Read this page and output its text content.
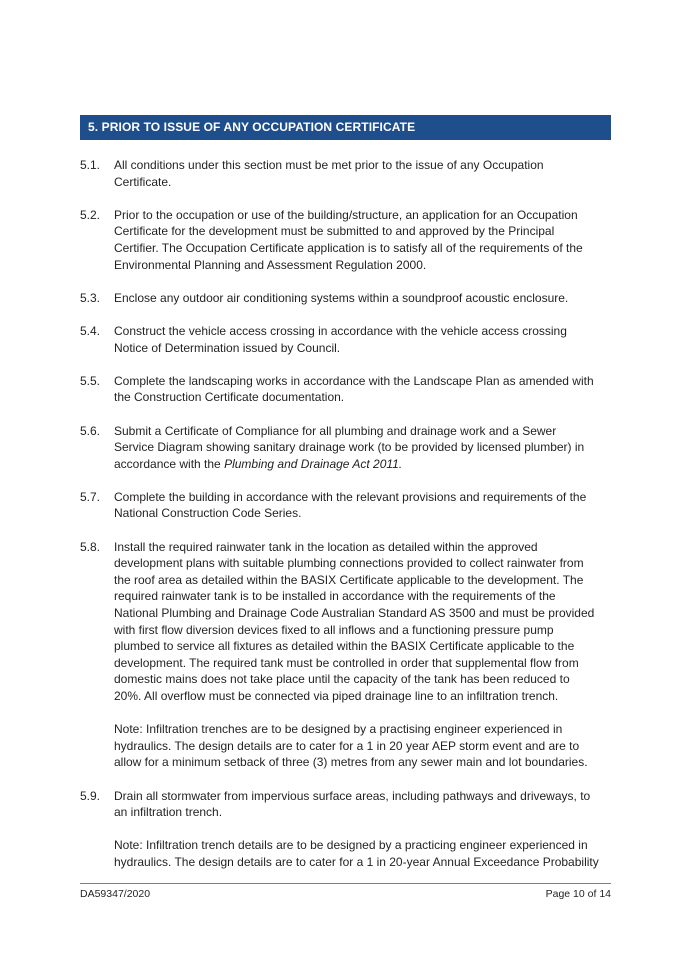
5. PRIOR TO ISSUE OF ANY OCCUPATION CERTIFICATE
5.1.	All conditions under this section must be met prior to the issue of any Occupation
Certificate.
5.2.	Prior to the occupation or use of the building/structure, an application for an Occupation
Certificate for the development must be submitted to and approved by the Principal
Certifier. The Occupation Certificate application is to satisfy all of the requirements of the
Environmental Planning and Assessment Regulation 2000.
5.3.	Enclose any outdoor air conditioning systems within a soundproof acoustic enclosure.
5.4.	Construct the vehicle access crossing in accordance with the vehicle access crossing
Notice of Determination issued by Council.
5.5.	Complete the landscaping works in accordance with the Landscape Plan as amended with
the Construction Certificate documentation.
5.6.	Submit a Certificate of Compliance for all plumbing and drainage work and a Sewer
Service Diagram showing sanitary drainage work (to be provided by licensed plumber) in
accordance with the Plumbing and Drainage Act 2011.
5.7.	Complete the building in accordance with the relevant provisions and requirements of the
National Construction Code Series.
5.8.	Install the required rainwater tank in the location as detailed within the approved
development plans with suitable plumbing connections provided to collect rainwater from
the roof area as detailed within the BASIX Certificate applicable to the development. The
required rainwater tank is to be installed in accordance with the requirements of the
National Plumbing and Drainage Code Australian Standard AS 3500 and must be provided
with first flow diversion devices fixed to all inflows and a functioning pressure pump
plumbed to service all fixtures as detailed within the BASIX Certificate applicable to the
development. The required tank must be controlled in order that supplemental flow from
domestic mains does not take place until the capacity of the tank has been reduced to
20%. All overflow must be connected via piped drainage line to an infiltration trench.
Note: Infiltration trenches are to be designed by a practising engineer experienced in
hydraulics. The design details are to cater for a 1 in 20 year AEP storm event and are to
allow for a minimum setback of three (3) metres from any sewer main and lot boundaries.
5.9.	Drain all stormwater from impervious surface areas, including pathways and driveways, to
an infiltration trench.
Note: Infiltration trench details are to be designed by a practicing engineer experienced in
hydraulics. The design details are to cater for a 1 in 20-year Annual Exceedance Probability
DA59347/2020	Page 10 of 14
